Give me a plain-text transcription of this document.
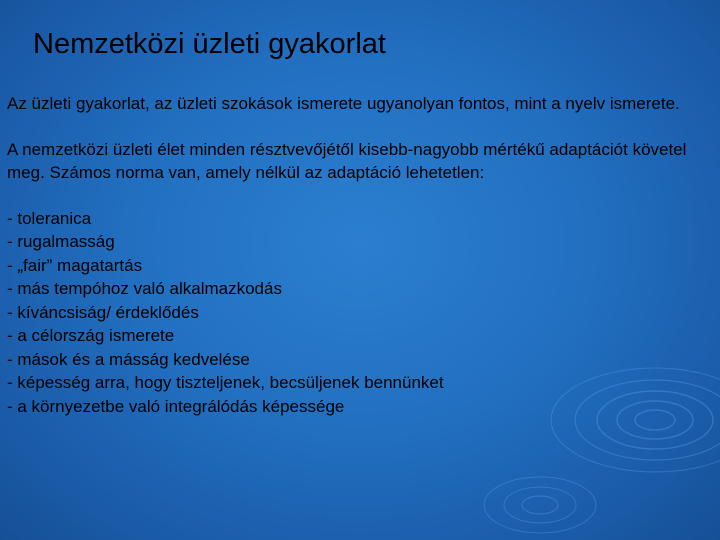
Nemzetközi üzleti gyakorlat

Az üzleti gyakorlat, az üzleti szokások ismerete ugyanolyan fontos, mint a nyelv ismerete.

A nemzetközi üzleti élet minden résztvevőjétől kisebb-nagyobb mértékű adaptációt követel meg. Számos norma van, amely nélkül az adaptáció lehetetlen:

- toleranica
- rugalmasság
- „fair” magatartás
- más tempóhoz való alkalmazkodás
- kíváncsiság/ érdeklődés
- a célország ismerete
- mások és a másság kedvelése
- képesség arra, hogy tiszteljenek, becsüljenek bennünket
- a környezetbe való integrálódás képessége
